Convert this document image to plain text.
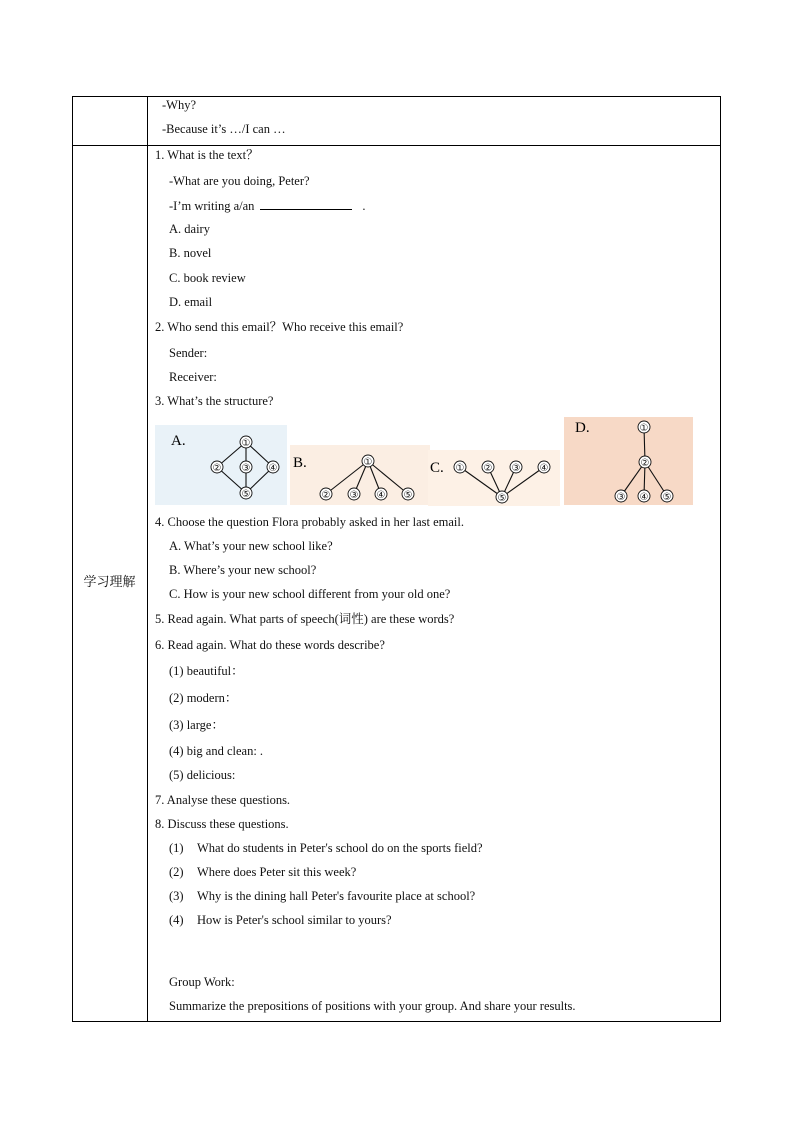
-Why?
-Because it’s …/I can …
学习理解
1. What is the text？
-What are you doing, Peter?
-I’m writing a/an	.
A. dairy
B. novel
C. book review
D. email
2. Who send this email？Who receive this email?
Sender:
Receiver:
3. What’s the structure?
A.	①
② ③ ④
⑤
B.	①
② ③ ④ ⑤
C. ① ② ③ ④
⑤
D.	①
②
③ ④ ⑤
4. Choose the question Flora probably asked in her last email.
A. What’s your new school like?
B. Where’s your new school?
C. How is your new school different from your old one?
5. Read again. What parts of speech(词性) are these words?
6. Read again. What do these words describe?
(1) beautiful：
(2) modern：
(3) large：
(4) big and clean: .
(5) delicious:
7. Analyse these questions.
8. Discuss these questions.
(1) What do students in Peter's school do on the sports field?
(2) Where does Peter sit this week?
(3) Why is the dining hall Peter's favourite place at school?
(4) How is Peter's school similar to yours?
Group Work:
Summarize the prepositions of positions with your group. And share your results.
